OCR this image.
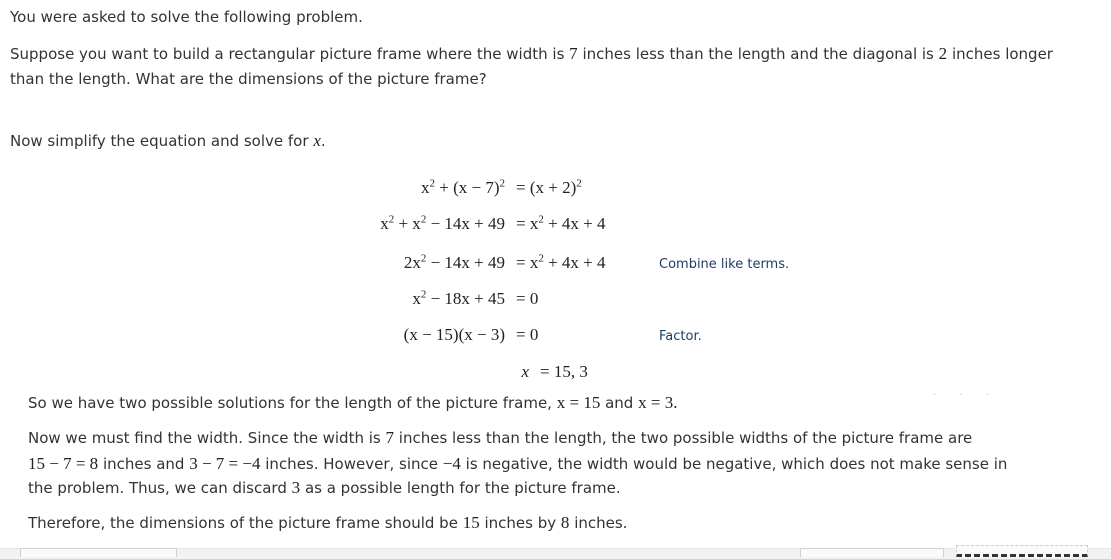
You were asked to solve the following problem.
Suppose you want to build a rectangular picture frame where the width is 7 inches less than the length and the diagonal is 2 inches longer
than the length. What are the dimensions of the picture frame?
Now simplify the equation and solve for x.
$x^2 + (x - 7)^2 = (x + 2)^2$
$x^2 + x^2 - 14x + 49 = x^2 + 4x + 4$
$2x^2 - 14x + 49 = x^2 + 4x + 4$	Combine like terms.
$x^2 - 18x + 45 = 0$
(x − 15)(x − 3) = 0	Factor.
x = 15, 3
· · ·
So we have two possible solutions for the length of the picture frame, x = 15 and x = 3.
Now we must find the width. Since the width is 7 inches less than the length, the two possible widths of the picture frame are
15 − 7 = 8 inches and 3 − 7 = −4 inches. However, since −4 is negative, the width would be negative, which does not make sense in
the problem. Thus, we can discard 3 as a possible length for the picture frame.
Therefore, the dimensions of the picture frame should be 15 inches by 8 inches.
